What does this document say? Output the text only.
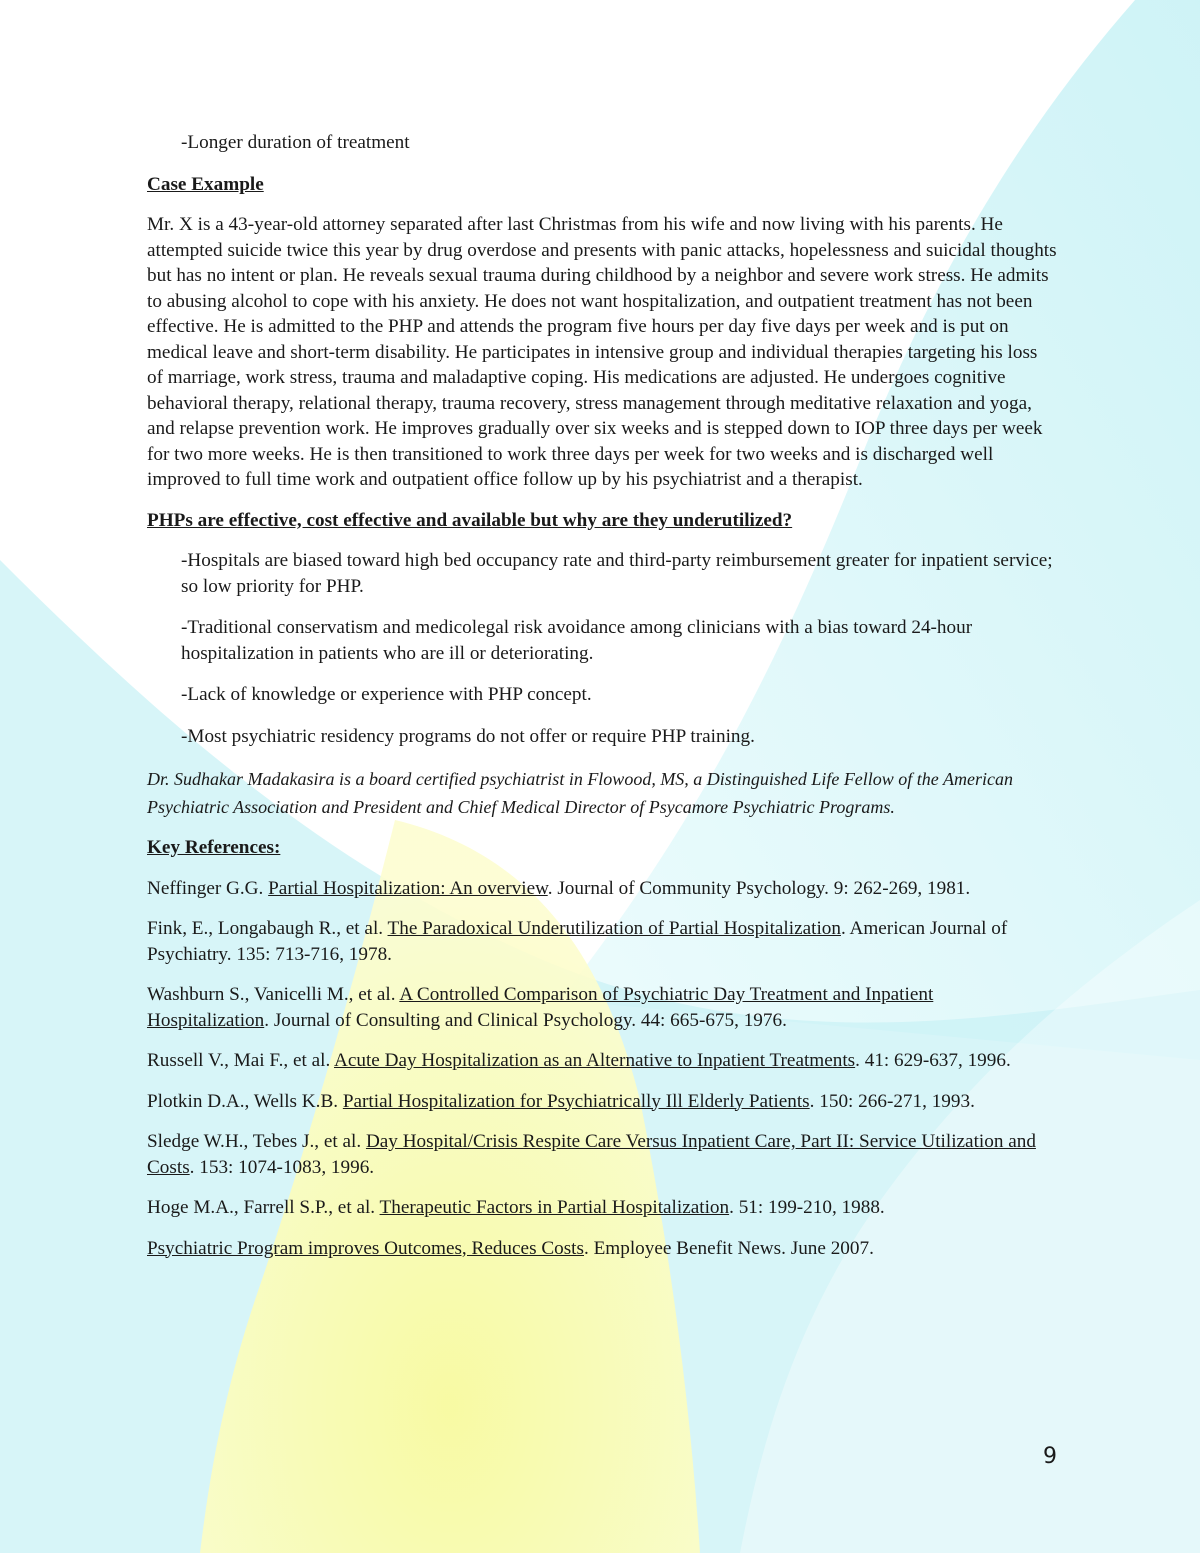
-Longer duration of treatment

Case Example

Mr. X is a 43-year-old attorney separated after last Christmas from his wife and now living with his parents. He attempted suicide twice this year by drug overdose and presents with panic attacks, hopelessness and suicidal thoughts but has no intent or plan. He reveals sexual trauma during childhood by a neighbor and severe work stress. He admits to abusing alcohol to cope with his anxiety. He does not want hospitalization, and outpatient treatment has not been effective. He is admitted to the PHP and attends the program five hours per day five days per week and is put on medical leave and short-term disability. He participates in intensive group and individual therapies targeting his loss of marriage, work stress, trauma and maladaptive coping. His medications are adjusted. He undergoes cognitive behavioral therapy, relational therapy, trauma recovery, stress management through meditative relaxation and yoga, and relapse prevention work. He improves gradually over six weeks and is stepped down to IOP three days per week for two more weeks. He is then transitioned to work three days per week for two weeks and is discharged well improved to full time work and outpatient office follow up by his psychiatrist and a therapist.

PHPs are effective, cost effective and available but why are they underutilized?

-Hospitals are biased toward high bed occupancy rate and third-party reimbursement greater for inpatient service; so low priority for PHP.

-Traditional conservatism and medicolegal risk avoidance among clinicians with a bias toward 24-hour hospitalization in patients who are ill or deteriorating.

-Lack of knowledge or experience with PHP concept.

-Most psychiatric residency programs do not offer or require PHP training.

Dr. Sudhakar Madakasira is a board certified psychiatrist in Flowood, MS, a Distinguished Life Fellow of the American Psychiatric Association and President and Chief Medical Director of Psycamore Psychiatric Programs.

Key References:

Neffinger G.G. Partial Hospitalization: An overview. Journal of Community Psychology. 9: 262-269, 1981.

Fink, E., Longabaugh R., et al. The Paradoxical Underutilization of Partial Hospitalization. American Journal of Psychiatry. 135: 713-716, 1978.

Washburn S., Vanicelli M., et al. A Controlled Comparison of Psychiatric Day Treatment and Inpatient Hospitalization. Journal of Consulting and Clinical Psychology. 44: 665-675, 1976.

Russell V., Mai F., et al. Acute Day Hospitalization as an Alternative to Inpatient Treatments. 41: 629-637, 1996.

Plotkin D.A., Wells K.B. Partial Hospitalization for Psychiatrically Ill Elderly Patients. 150: 266-271, 1993.

Sledge W.H., Tebes J., et al. Day Hospital/Crisis Respite Care Versus Inpatient Care, Part II: Service Utilization and Costs. 153: 1074-1083, 1996.

Hoge M.A., Farrell S.P., et al. Therapeutic Factors in Partial Hospitalization. 51: 199-210, 1988.

Psychiatric Program improves Outcomes, Reduces Costs. Employee Benefit News. June 2007.

9
